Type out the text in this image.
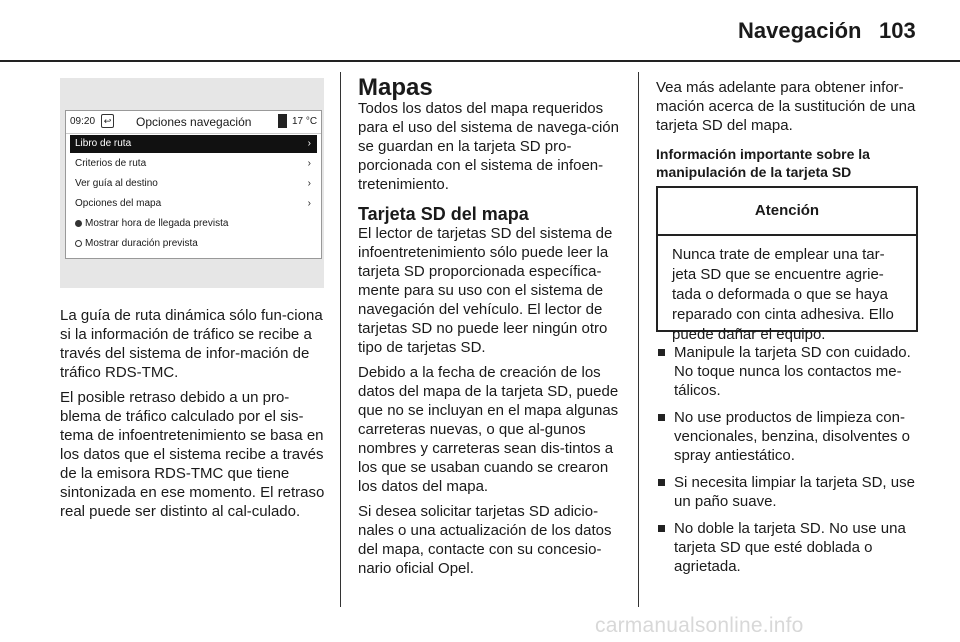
Navegación 103
09:20 ↩ Opciones navegación	17 °C
Libro de ruta	›
Criterios de ruta	›
Ver guía al destino	›
Opciones del mapa	›
Mostrar hora de llegada prevista
Mostrar duración prevista

La guía de ruta dinámica sólo fun-ciona si la información de tráfico se recibe a través del sistema de infor-mación de tráfico RDS-TMC.

El posible retraso debido a un pro-blema de tráfico calculado por el sis-tema de infoentretenimiento se basa en los datos que el sistema recibe a través de la emisora RDS-TMC que tiene sintonizada en ese momento. El retraso real puede ser distinto al cal-culado.

Mapas

Todos los datos del mapa requeridos para el uso del sistema de navega-ción se guardan en la tarjeta SD pro-porcionada con el sistema de infoen-tretenimiento.

Tarjeta SD del mapa

El lector de tarjetas SD del sistema de infoentretenimiento sólo puede leer la tarjeta SD proporcionada específica-mente para su uso con el sistema de navegación del vehículo. El lector de tarjetas SD no puede leer ningún otro tipo de tarjetas SD.

Debido a la fecha de creación de los datos del mapa de la tarjeta SD, puede que no se incluyan en el mapa algunas carreteras nuevas, o que al-gunos nombres y carreteras sean dis-tintos a los que se usaban cuando se crearon los datos del mapa.

Si desea solicitar tarjetas SD adicio-nales o una actualización de los datos del mapa, contacte con su concesio-nario oficial Opel.

Vea más adelante para obtener infor-mación acerca de la sustitución de una tarjeta SD del mapa.

Información importante sobre la manipulación de la tarjeta SD
Atención
Nunca trate de emplear una tar-jeta SD que se encuentre agrie-tada o deformada o que se haya reparado con cinta adhesiva. Ello puede dañar el equipo.
Manipule la tarjeta SD con cuidado. No toque nunca los contactos me-tálicos.
No use productos de limpieza con-vencionales, benzina, disolventes o spray antiestático.
Si necesita limpiar la tarjeta SD, use un paño suave.
No doble la tarjeta SD. No use una tarjeta SD que esté doblada o agrietada.
carmanualsonline.info
